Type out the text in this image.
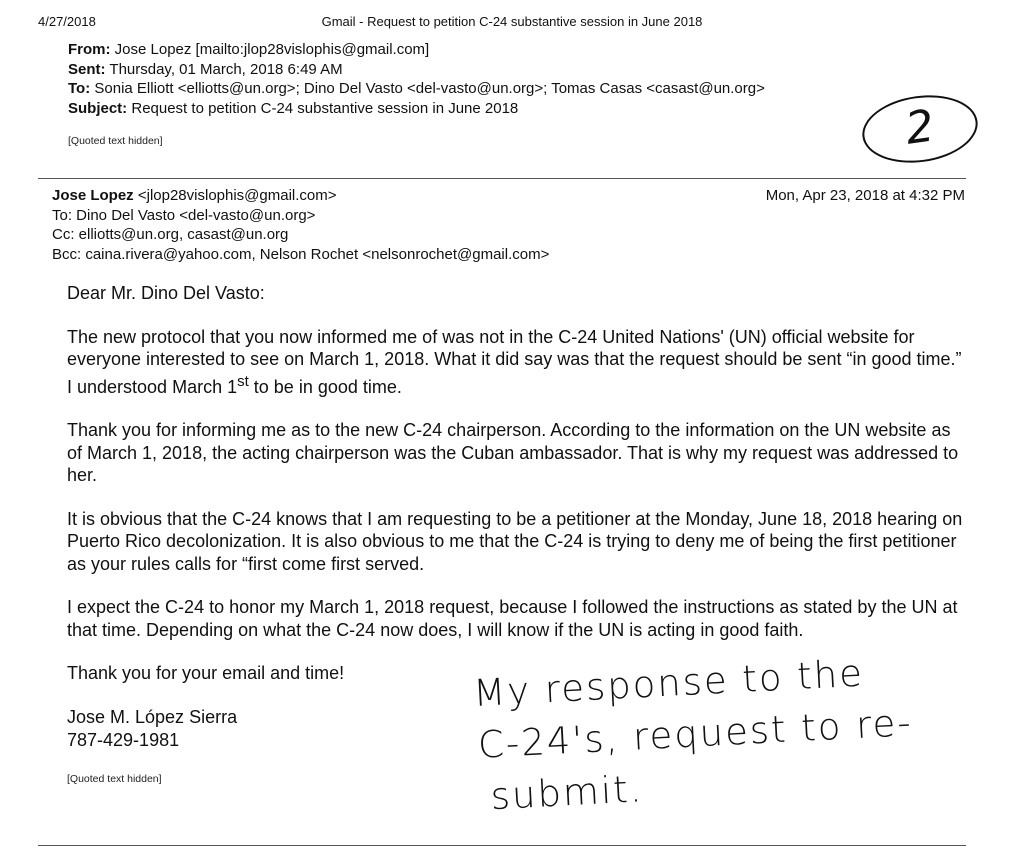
4/27/2018	Gmail - Request to petition C-24 substantive session in June 2018
From: Jose Lopez [mailto:jlop28vislophis@gmail.com]
Sent: Thursday, 01 March, 2018 6:49 AM
To: Sonia Elliott <elliotts@un.org>; Dino Del Vasto <del-vasto@un.org>; Tomas Casas <casast@un.org>
Subject: Request to petition C-24 substantive session in June 2018
[Quoted text hidden]	2
Jose Lopez <jlop28vislophis@gmail.com>	Mon, Apr 23, 2018 at 4:32 PM
To: Dino Del Vasto <del-vasto@un.org>
Cc: elliotts@un.org, casast@un.org
Bcc: caina.rivera@yahoo.com, Nelson Rochet <nelsonrochet@gmail.com>

Dear Mr. Dino Del Vasto:

The new protocol that you now informed me of was not in the C-24 United Nations' (UN) official website for everyone interested to see on March 1, 2018. What it did say was that the request should be sent “in good time.” I understood March 1st to be in good time.

Thank you for informing me as to the new C-24 chairperson. According to the information on the UN website as of March 1, 2018, the acting chairperson was the Cuban ambassador. That is why my request was addressed to her.

It is obvious that the C-24 knows that I am requesting to be a petitioner at the Monday, June 18, 2018 hearing on Puerto Rico decolonization. It is also obvious to me that the C-24 is trying to deny me of being the first petitioner as your rules calls for “first come first served.

I expect the C-24 to honor my March 1, 2018 request, because I followed the instructions as stated by the UN at that time. Depending on what the C-24 now does, I will know if the UN is acting in good faith.

Thank you for your email and time!

Jose M. López Sierra
787-429-1981
[Quoted text hidden]
My response to the
C-24's, request to re-
submit.
